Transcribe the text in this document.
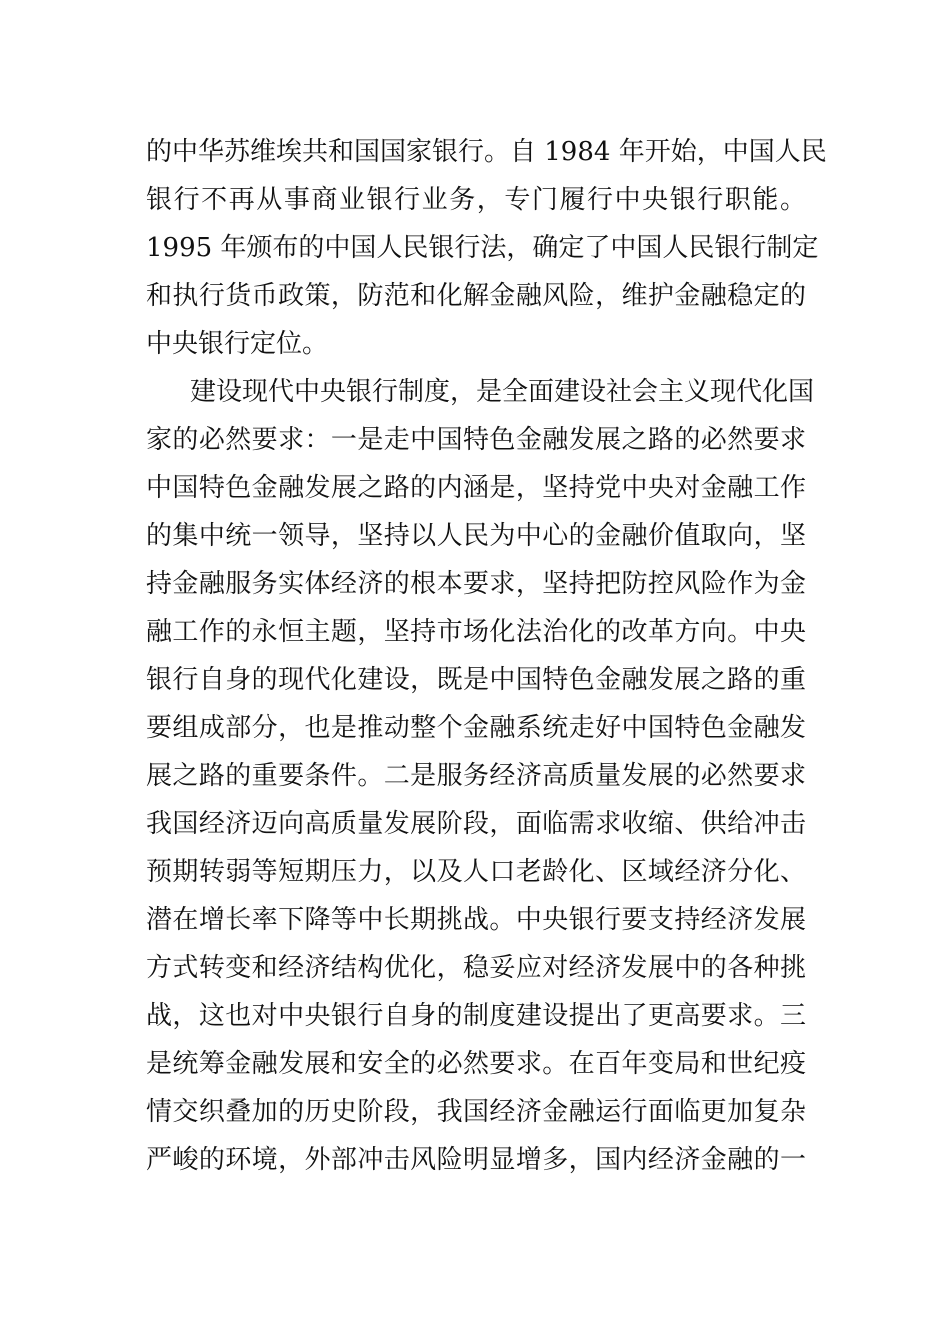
的中华苏维埃共和国国家银行。自 1984 年开始，中国人民
银行不再从事商业银行业务，专门履行中央银行职能。
1995 年颁布的中国人民银行法，确定了中国人民银行制定
和执行货币政策，防范和化解金融风险，维护金融稳定的
中央银行定位。
建设现代中央银行制度，是全面建设社会主义现代化国
家的必然要求：一是走中国特色金融发展之路的必然要求
中国特色金融发展之路的内涵是，坚持党中央对金融工作
的集中统一领导，坚持以人民为中心的金融价值取向，坚
持金融服务实体经济的根本要求，坚持把防控风险作为金
融工作的永恒主题，坚持市场化法治化的改革方向。中央
银行自身的现代化建设，既是中国特色金融发展之路的重
要组成部分，也是推动整个金融系统走好中国特色金融发
展之路的重要条件。二是服务经济高质量发展的必然要求
我国经济迈向高质量发展阶段，面临需求收缩、供给冲击
预期转弱等短期压力，以及人口老龄化、区域经济分化、
潜在增长率下降等中长期挑战。中央银行要支持经济发展
方式转变和经济结构优化，稳妥应对经济发展中的各种挑
战，这也对中央银行自身的制度建设提出了更高要求。三
是统筹金融发展和安全的必然要求。在百年变局和世纪疫
情交织叠加的历史阶段，我国经济金融运行面临更加复杂
严峻的环境，外部冲击风险明显增多，国内经济金融的一
